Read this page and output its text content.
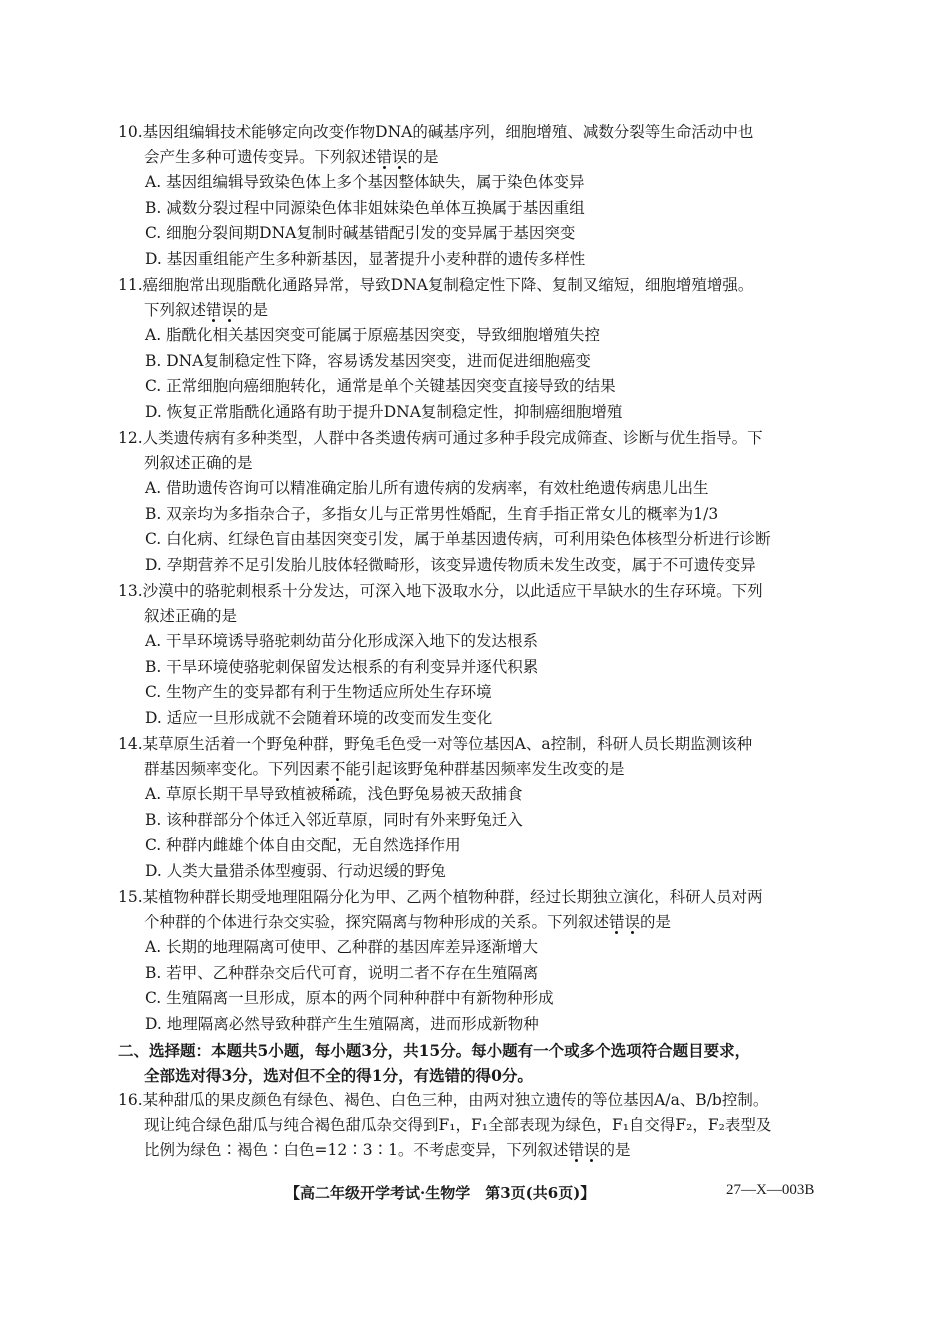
10.基因组编辑技术能够定向改变作物DNA的碱基序列，细胞增殖、减数分裂等生命活动中也
会产生多种可遗传变异。下列叙述错误的是
A. 基因组编辑导致染色体上多个基因整体缺失，属于染色体变异
B. 减数分裂过程中同源染色体非姐妹染色单体互换属于基因重组
C. 细胞分裂间期DNA复制时碱基错配引发的变异属于基因突变
D. 基因重组能产生多种新基因，显著提升小麦种群的遗传多样性
11.癌细胞常出现脂酰化通路异常，导致DNA复制稳定性下降、复制叉缩短，细胞增殖增强。
下列叙述错误的是
A. 脂酰化相关基因突变可能属于原癌基因突变，导致细胞增殖失控
B. DNA复制稳定性下降，容易诱发基因突变，进而促进细胞癌变
C. 正常细胞向癌细胞转化，通常是单个关键基因突变直接导致的结果
D. 恢复正常脂酰化通路有助于提升DNA复制稳定性，抑制癌细胞增殖
12.人类遗传病有多种类型，人群中各类遗传病可通过多种手段完成筛查、诊断与优生指导。下
列叙述正确的是
A. 借助遗传咨询可以精准确定胎儿所有遗传病的发病率，有效杜绝遗传病患儿出生
B. 双亲均为多指杂合子，多指女儿与正常男性婚配，生育手指正常女儿的概率为1/3
C. 白化病、红绿色盲由基因突变引发，属于单基因遗传病，可利用染色体核型分析进行诊断
D. 孕期营养不足引发胎儿肢体轻微畸形，该变异遗传物质未发生改变，属于不可遗传变异
13.沙漠中的骆驼刺根系十分发达，可深入地下汲取水分，以此适应干旱缺水的生存环境。下列
叙述正确的是
A. 干旱环境诱导骆驼刺幼苗分化形成深入地下的发达根系
B. 干旱环境使骆驼刺保留发达根系的有利变异并逐代积累
C. 生物产生的变异都有利于生物适应所处生存环境
D. 适应一旦形成就不会随着环境的改变而发生变化
14.某草原生活着一个野兔种群，野兔毛色受一对等位基因A、a控制，科研人员长期监测该种
群基因频率变化。下列因素不能引起该野兔种群基因频率发生改变的是
A. 草原长期干旱导致植被稀疏，浅色野兔易被天敌捕食
B. 该种群部分个体迁入邻近草原，同时有外来野兔迁入
C. 种群内雌雄个体自由交配，无自然选择作用
D. 人类大量猎杀体型瘦弱、行动迟缓的野兔
15.某植物种群长期受地理阻隔分化为甲、乙两个植物种群，经过长期独立演化，科研人员对两
个种群的个体进行杂交实验，探究隔离与物种形成的关系。下列叙述错误的是
A. 长期的地理隔离可使甲、乙种群的基因库差异逐渐增大
B. 若甲、乙种群杂交后代可育，说明二者不存在生殖隔离
C. 生殖隔离一旦形成，原本的两个同种种群中有新物种形成
D. 地理隔离必然导致种群产生生殖隔离，进而形成新物种
二、选择题：本题共5小题，每小题3分，共15分。每小题有一个或多个选项符合题目要求，
全部选对得3分，选对但不全的得1分，有选错的得0分。
16.某种甜瓜的果皮颜色有绿色、褐色、白色三种，由两对独立遗传的等位基因A/a、B/b控制。
现让纯合绿色甜瓜与纯合褐色甜瓜杂交得到F₁，F₁全部表现为绿色，F₁自交得F₂，F₂表型及
比例为绿色∶褐色∶白色=12∶3∶1。不考虑变异，下列叙述错误的是
【高二年级开学考试·生物学　第3页(共6页)】	27—X—003B
